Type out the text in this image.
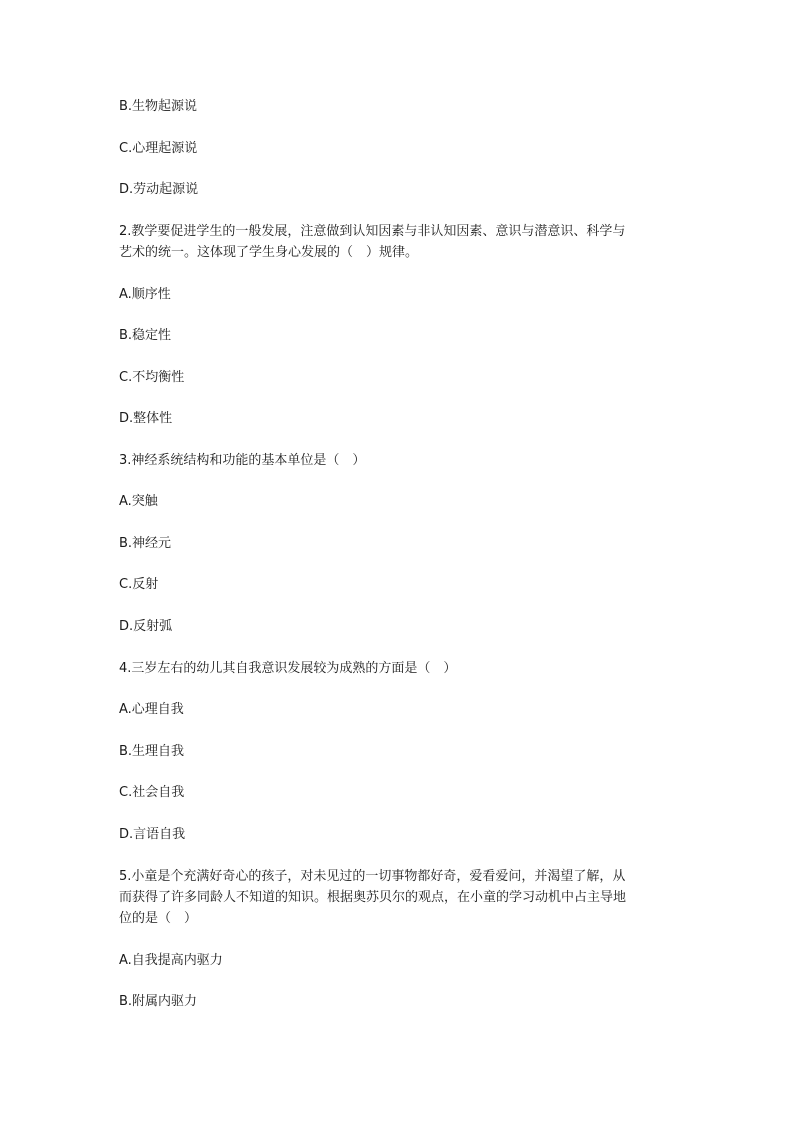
B.生物起源说
C.心理起源说
D.劳动起源说
2.教学要促进学生的一般发展，注意做到认知因素与非认知因素、意识与潜意识、科学与
艺术的统一。这体现了学生身心发展的（　）规律。
A.顺序性
B.稳定性
C.不均衡性
D.整体性
3.神经系统结构和功能的基本单位是（　）
A.突触
B.神经元
C.反射
D.反射弧
4.三岁左右的幼儿其自我意识发展较为成熟的方面是（　）
A.心理自我
B.生理自我
C.社会自我
D.言语自我
5.小童是个充满好奇心的孩子，对未见过的一切事物都好奇，爱看爱问，并渴望了解，从
而获得了许多同龄人不知道的知识。根据奥苏贝尔的观点，在小童的学习动机中占主导地
位的是（　）
A.自我提高内驱力
B.附属内驱力
